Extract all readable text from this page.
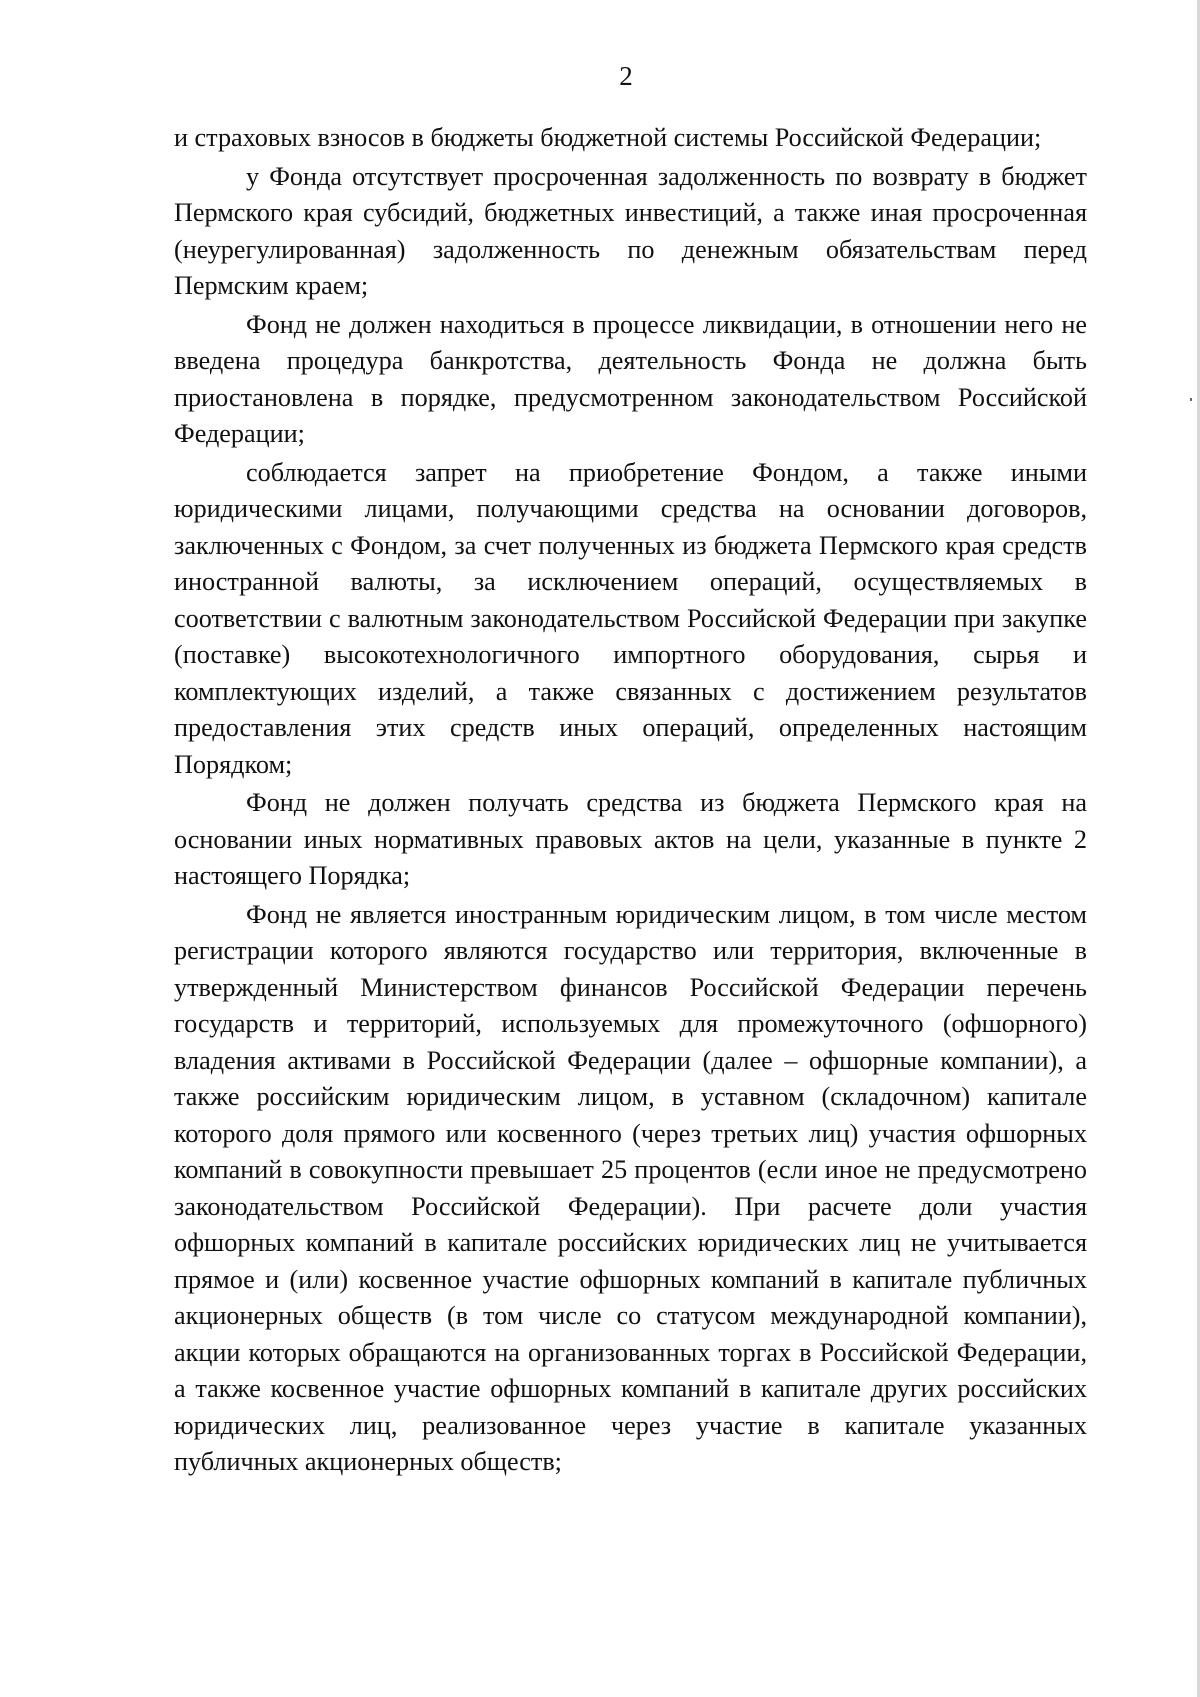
2

и страховых взносов в бюджеты бюджетной системы Российской Федерации;

у Фонда отсутствует просроченная задолженность по возврату в бюджет Пермского края субсидий, бюджетных инвестиций, а также иная просроченная (неурегулированная) задолженность по денежным обязательствам перед Пермским краем;

Фонд не должен находиться в процессе ликвидации, в отношении него не введена процедура банкротства, деятельность Фонда не должна быть приостановлена в порядке, предусмотренном законодательством Российской Федерации;

соблюдается запрет на приобретение Фондом, а также иными юридическими лицами, получающими средства на основании договоров, заключенных с Фондом, за счет полученных из бюджета Пермского края средств иностранной валюты, за исключением операций, осуществляемых в соответствии с валютным законодательством Российской Федерации при закупке (поставке) высокотехнологичного импортного оборудования, сырья и комплектующих изделий, а также связанных с достижением результатов предоставления этих средств иных операций, определенных настоящим Порядком;

Фонд не должен получать средства из бюджета Пермского края на основании иных нормативных правовых актов на цели, указанные в пункте 2 настоящего Порядка;

Фонд не является иностранным юридическим лицом, в том числе местом регистрации которого являются государство или территория, включенные в утвержденный Министерством финансов Российской Федерации перечень государств и территорий, используемых для промежуточного (офшорного) владения активами в Российской Федерации (далее – офшорные компании), а также российским юридическим лицом, в уставном (складочном) капитале которого доля прямого или косвенного (через третьих лиц) участия офшорных компаний в совокупности превышает 25 процентов (если иное не предусмотрено законодательством Российской Федерации). При расчете доли участия офшорных компаний в капитале российских юридических лиц не учитывается прямое и (или) косвенное участие офшорных компаний в капитале публичных акционерных обществ (в том числе со статусом международной компании), акции которых обращаются на организованных торгах в Российской Федерации, а также косвенное участие офшорных компаний в капитале других российских юридических лиц, реализованное через участие в капитале указанных публичных акционерных обществ;
